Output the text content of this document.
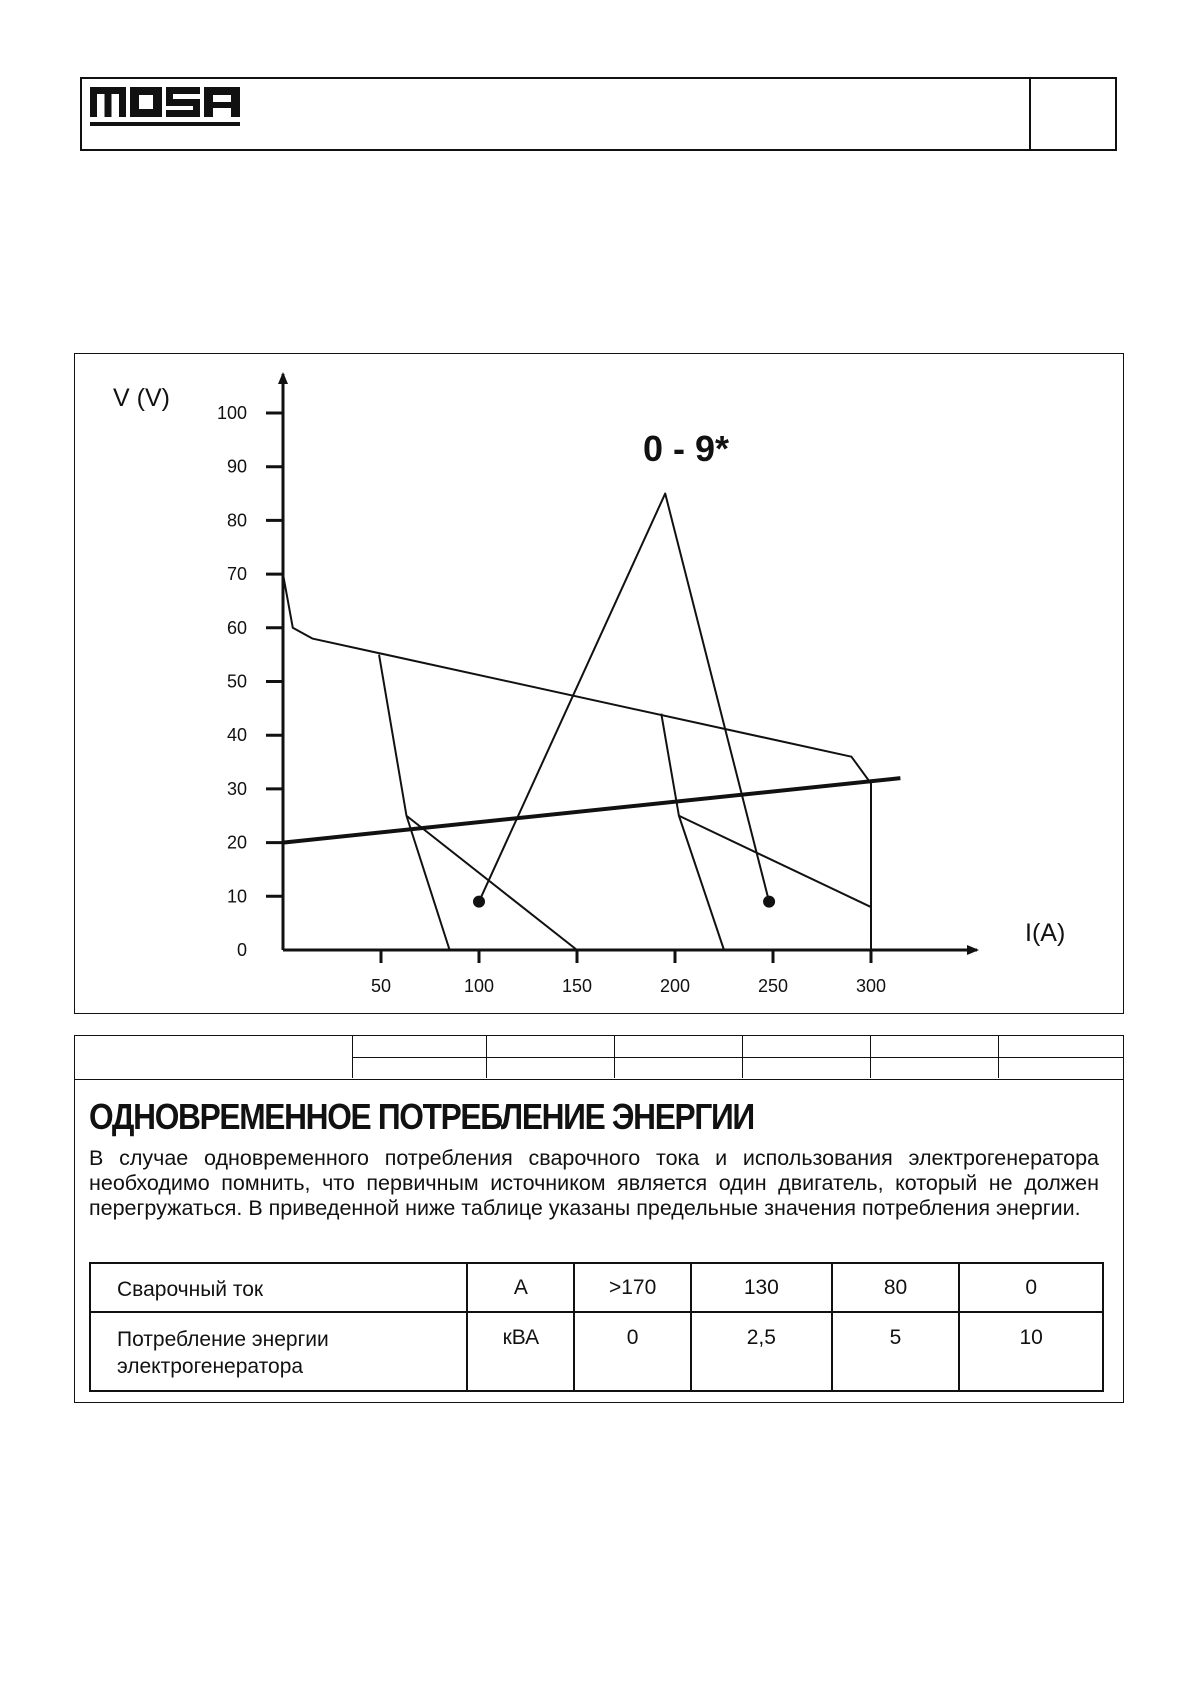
MOSA
0
10
20
30
40
50
60
70
80
90
100
50	100	150	200	250	300
V (V)
I(A)
0 - 9*
ОДНОВРЕМЕННОЕ ПОТРЕБЛЕНИЕ ЭНЕРГИИ

В случае одновременного потребления сварочного тока и использования электрогенератора необходимо помнить, что первичным источником является один двигатель, который не должен перегружаться. В приведенной ниже таблице указаны предельные значения потребления энергии.

Сварочный ток	А	>170	130	80	0
Потребление энергии
электрогенератора	кВА	0	2,5	5	10
